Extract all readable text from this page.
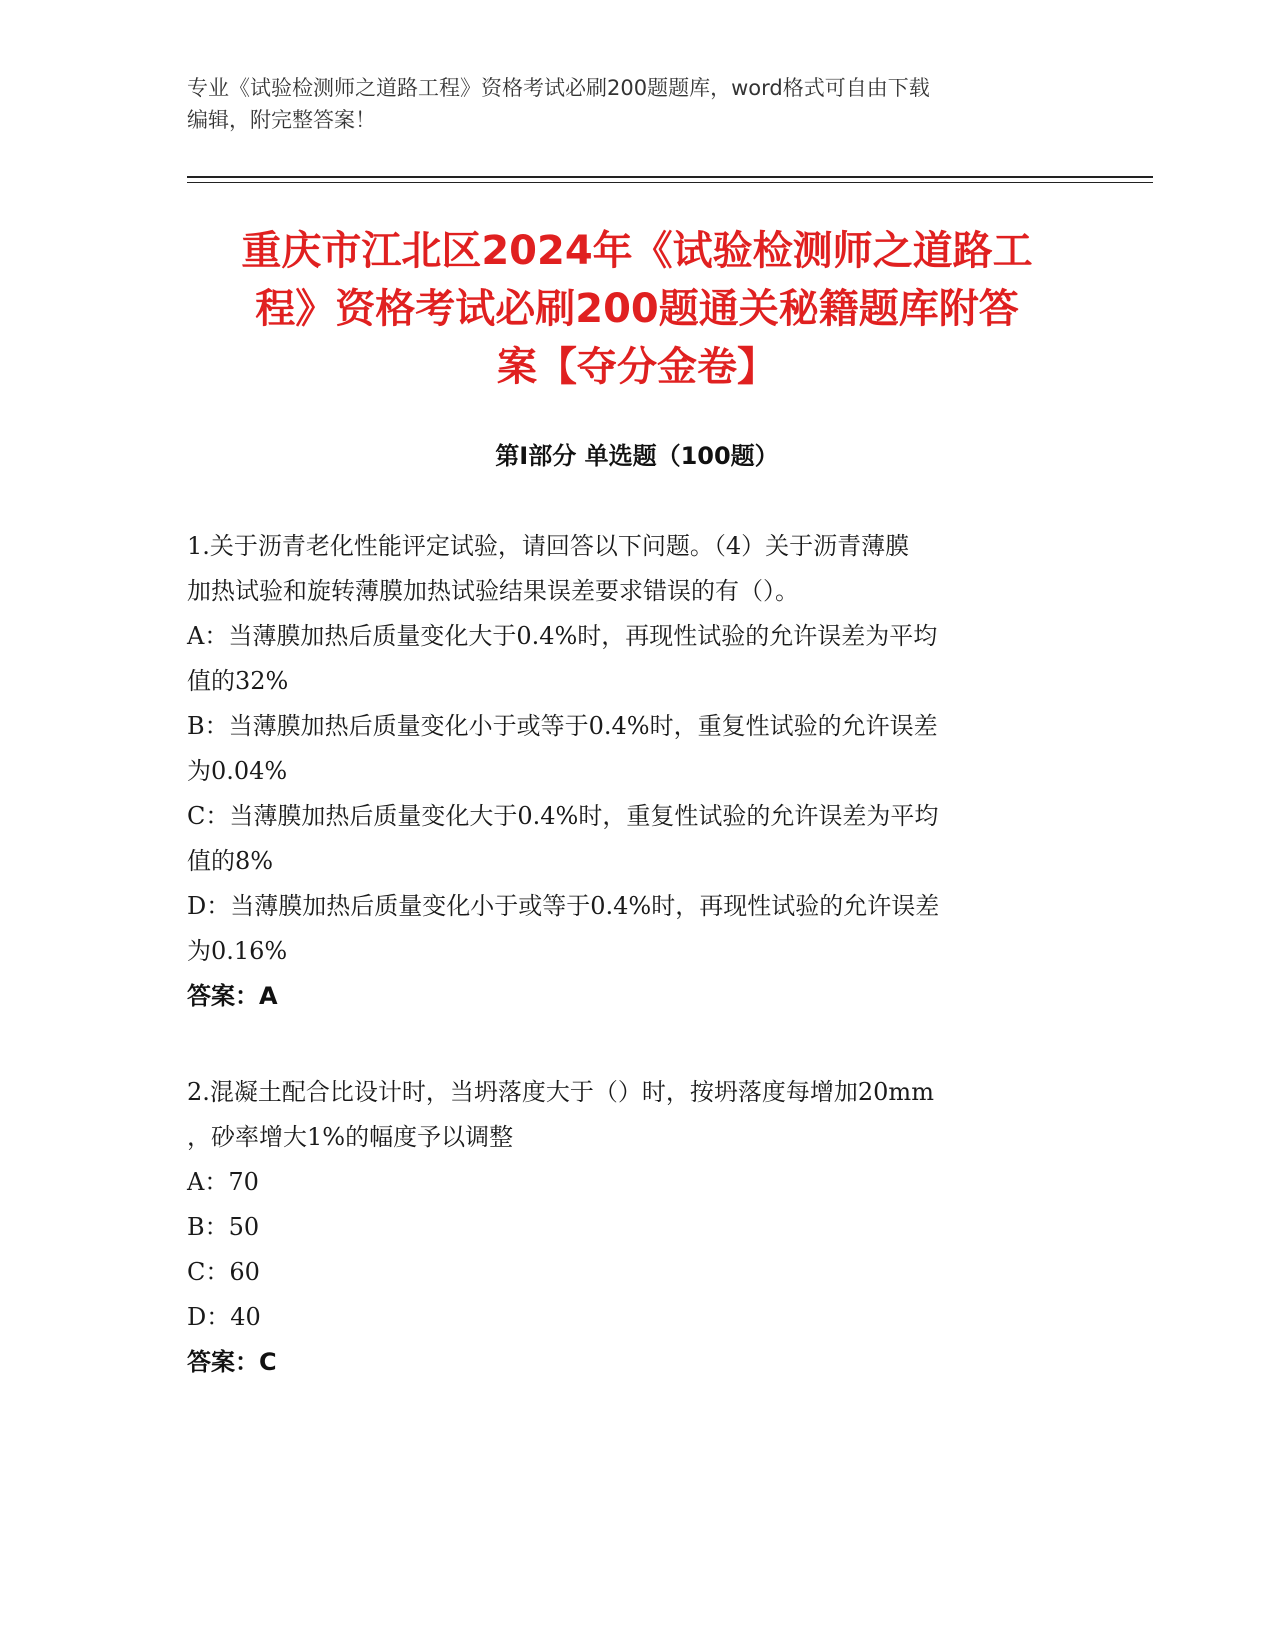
专业《试验检测师之道路工程》资格考试必刷200题题库，word格式可自由下载
编辑，附完整答案！
重庆市江北区2024年《试验检测师之道路工
程》资格考试必刷200题通关秘籍题库附答
案【夺分金卷】
第I部分 单选题（100题）
1.关于沥青老化性能评定试验，请回答以下问题。（4）关于沥青薄膜
加热试验和旋转薄膜加热试验结果误差要求错误的有（）。
A：当薄膜加热后质量变化大于0.4%时，再现性试验的允许误差为平均
值的32%
B：当薄膜加热后质量变化小于或等于0.4%时，重复性试验的允许误差
为0.04%
C：当薄膜加热后质量变化大于0.4%时，重复性试验的允许误差为平均
值的8%
D：当薄膜加热后质量变化小于或等于0.4%时，再现性试验的允许误差
为0.16%
答案：A
2.混凝土配合比设计时，当坍落度大于（）时，按坍落度每增加20mm
，砂率增大1%的幅度予以调整
A：70
B：50
C：60
D：40
答案：C
